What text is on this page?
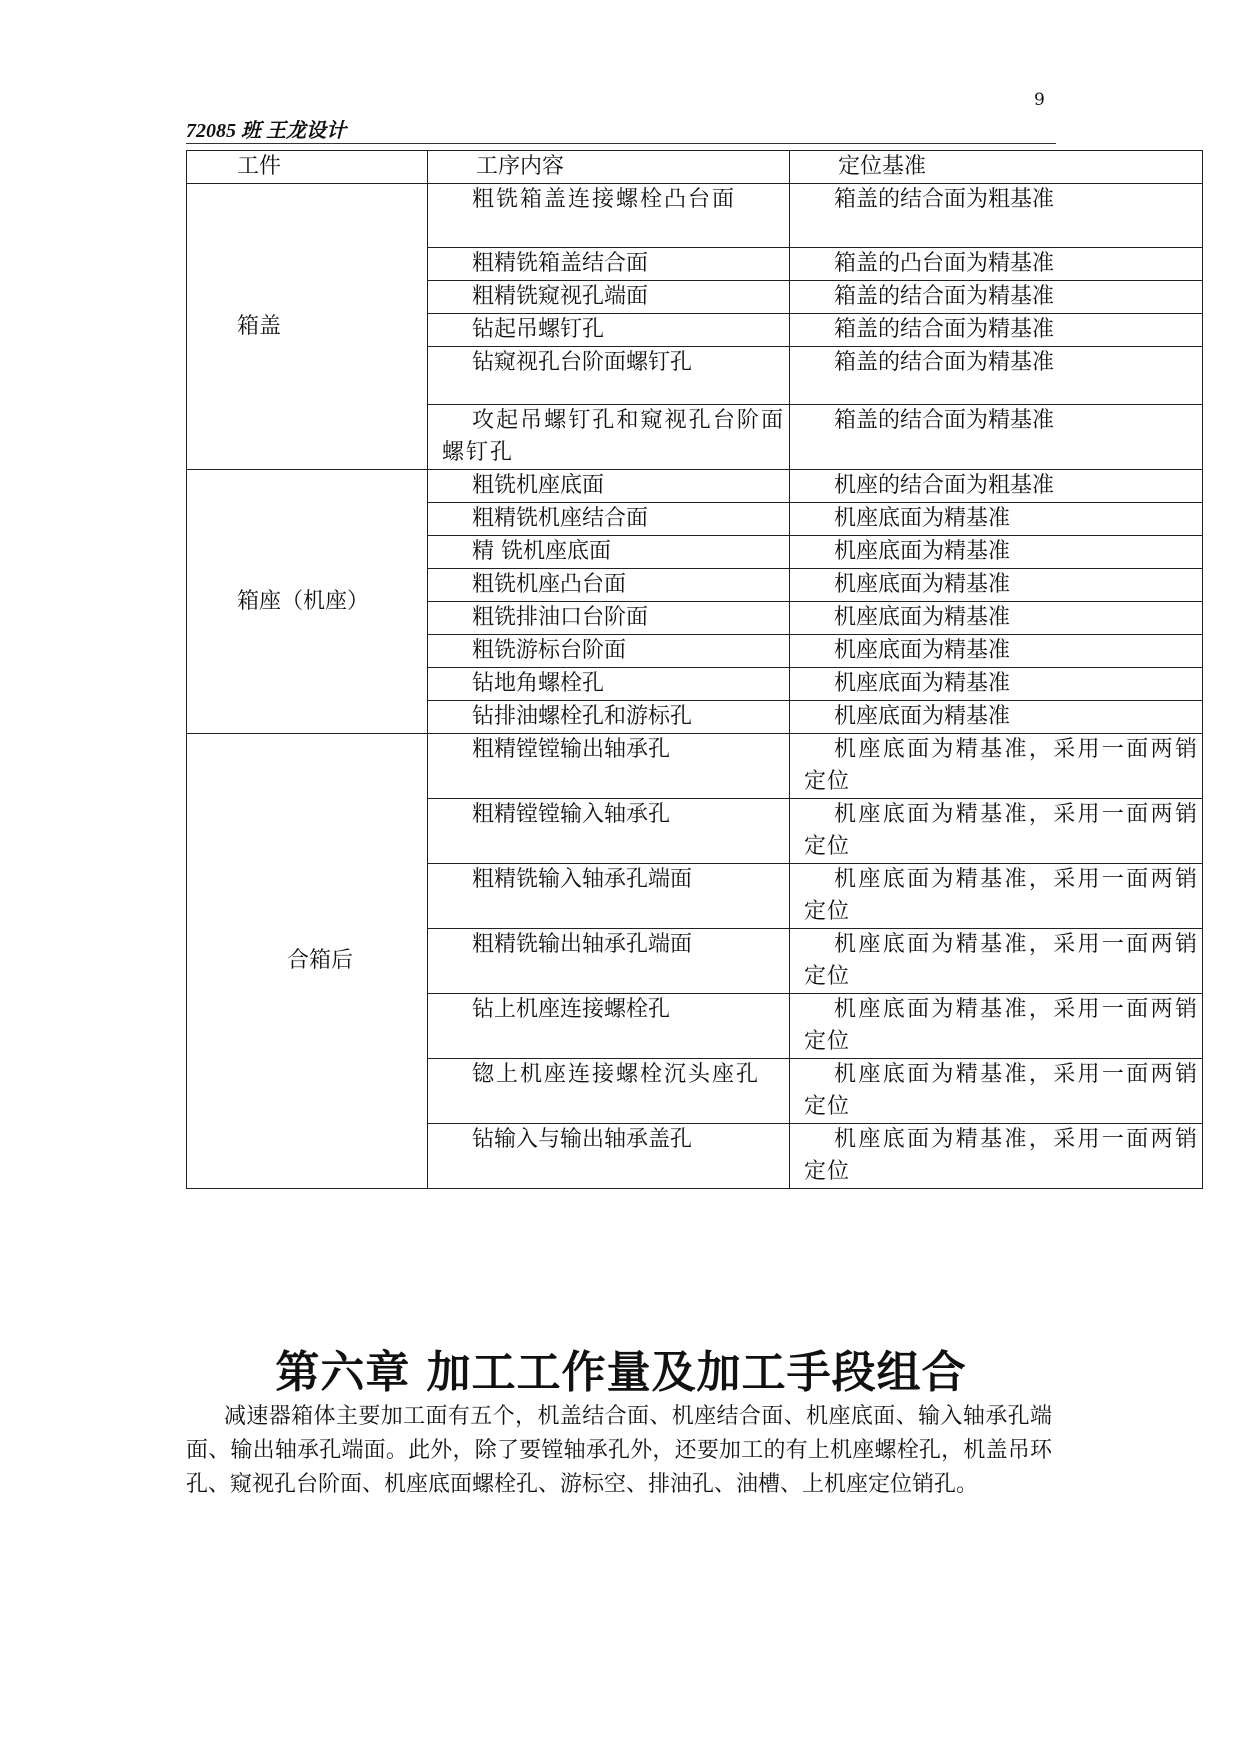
9
72085 班 王龙设计
工件	工序内容	定位基准
箱盖	粗铣箱盖连接螺栓凸台面	箱盖的结合面为粗基准
	粗精铣箱盖结合面	箱盖的凸台面为精基准
	粗精铣窥视孔端面	箱盖的结合面为精基准
	钻起吊螺钉孔	箱盖的结合面为精基准
	钻窥视孔台阶面螺钉孔	箱盖的结合面为精基准
	攻起吊螺钉孔和窥视孔台阶面螺钉孔	箱盖的结合面为精基准
箱座（机座）	粗铣机座底面	机座的结合面为粗基准
	粗精铣机座结合面	机座底面为精基准
	精 铣机座底面	机座底面为精基准
	粗铣机座凸台面	机座底面为精基准
	粗铣排油口台阶面	机座底面为精基准
	粗铣游标台阶面	机座底面为精基准
	钻地角螺栓孔	机座底面为精基准
	钻排油螺栓孔和游标孔	机座底面为精基准
合箱后	粗精镗镗输出轴承孔	机座底面为精基准，采用一面两销定位
	粗精镗镗输入轴承孔	机座底面为精基准，采用一面两销定位
	粗精铣输入轴承孔端面	机座底面为精基准，采用一面两销定位
	粗精铣输出轴承孔端面	机座底面为精基准，采用一面两销定位
	钻上机座连接螺栓孔	机座底面为精基准，采用一面两销定位
	锪上机座连接螺栓沉头座孔	机座底面为精基准，采用一面两销定位
	钻输入与输出轴承盖孔	机座底面为精基准，采用一面两销定位
第六章 加工工作量及加工手段组合
减速器箱体主要加工面有五个，机盖结合面、机座结合面、机座底面、输入轴承孔端面、输出轴承孔端面。此外，除了要镗轴承孔外，还要加工的有上机座螺栓孔，机盖吊环孔、窥视孔台阶面、机座底面螺栓孔、游标空、排油孔、油槽、上机座定位销孔。
